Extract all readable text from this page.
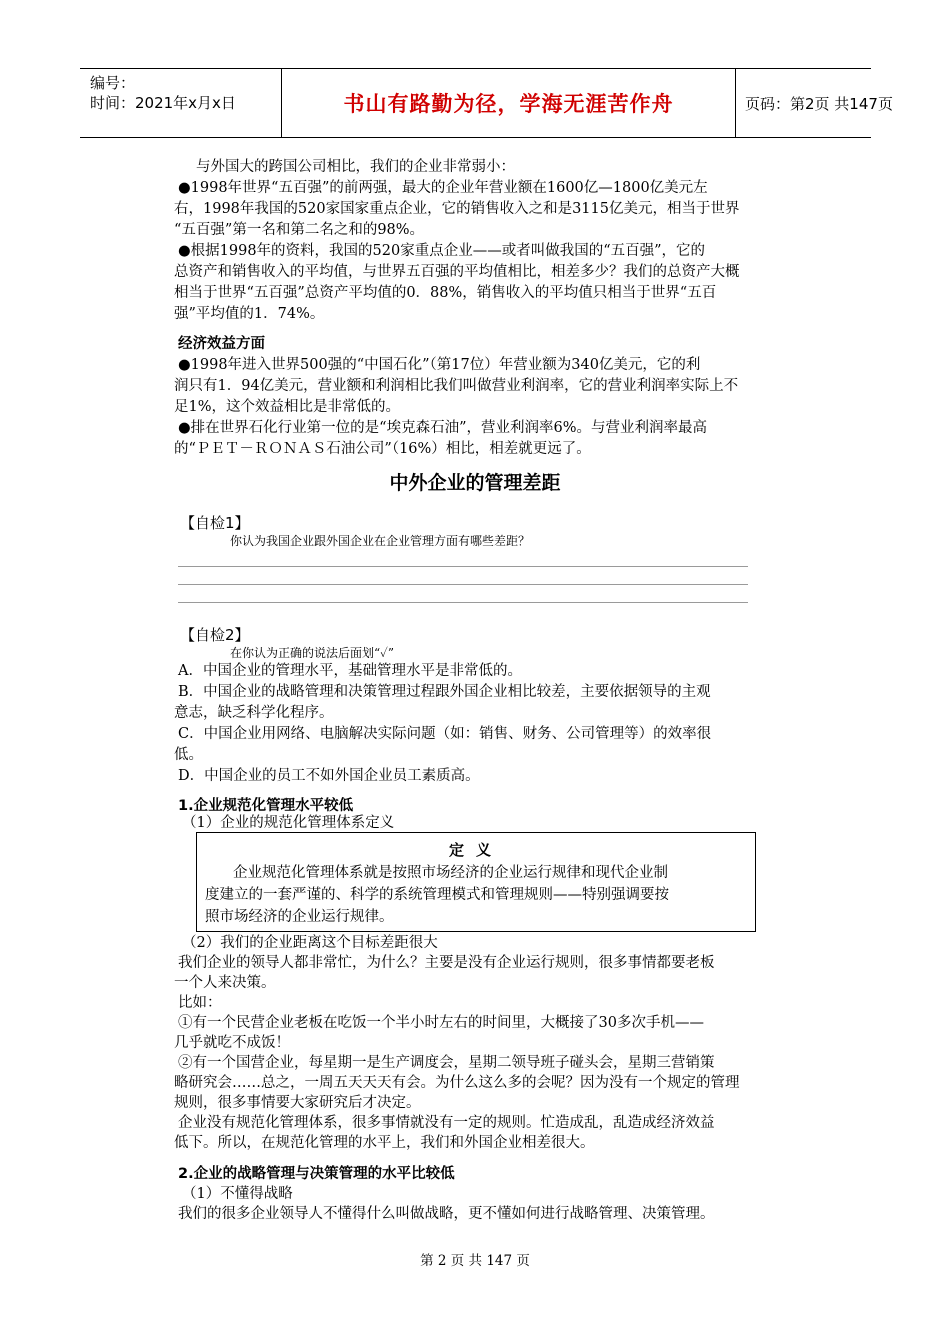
编号：
时间：2021年x月x日	书山有路勤为径，学海无涯苦作舟	页码：第2页 共147页
与外国大的跨国公司相比，我们的企业非常弱小：
●1998年世界“五百强”的前两强，最大的企业年营业额在1600亿—1800亿美元左
右，1998年我国的520家国家重点企业，它的销售收入之和是3115亿美元，相当于世界
“五百强”第一名和第二名之和的98%。
●根据1998年的资料，我国的520家重点企业——或者叫做我国的“五百强”，它的
总资产和销售收入的平均值，与世界五百强的平均值相比，相差多少？我们的总资产大概
相当于世界“五百强”总资产平均值的0．88%，销售收入的平均值只相当于世界“五百
强”平均值的1．74%。
经济效益方面
●1998年进入世界500强的“中国石化”（第17位）年营业额为340亿美元，它的利
润只有1．94亿美元，营业额和利润相比我们叫做营业利润率，它的营业利润率实际上不
足1%，这个效益相比是非常低的。
●排在世界石化行业第一位的是“埃克森石油”，营业利润率6%。与营业利润率最高
的“ＰＥＴ－ＲＯＮＡＳ石油公司”（16%）相比，相差就更远了。
中外企业的管理差距
【自检1】
你认为我国企业跟外国企业在企业管理方面有哪些差距？
【自检2】
在你认为正确的说法后面划“✓”
A．中国企业的管理水平，基础管理水平是非常低的。
B．中国企业的战略管理和决策管理过程跟外国企业相比较差，主要依据领导的主观
意志，缺乏科学化程序。
C．中国企业用网络、电脑解决实际问题（如：销售、财务、公司管理等）的效率很
低。
D．中国企业的员工不如外国企业员工素质高。
1.企业规范化管理水平较低
（1）企业的规范化管理体系定义
定义
企业规范化管理体系就是按照市场经济的企业运行规律和现代企业制
度建立的一套严谨的、科学的系统管理模式和管理规则——特别强调要按
照市场经济的企业运行规律。
（2）我们的企业距离这个目标差距很大
我们企业的领导人都非常忙，为什么？主要是没有企业运行规则，很多事情都要老板
一个人来决策。
比如：
①有一个民营企业老板在吃饭一个半小时左右的时间里，大概接了30多次手机——
几乎就吃不成饭！
②有一个国营企业，每星期一是生产调度会，星期二领导班子碰头会，星期三营销策
略研究会……总之，一周五天天天有会。为什么这么多的会呢？因为没有一个规定的管理
规则，很多事情要大家研究后才决定。
企业没有规范化管理体系，很多事情就没有一定的规则。忙造成乱，乱造成经济效益
低下。所以，在规范化管理的水平上，我们和外国企业相差很大。
2.企业的战略管理与决策管理的水平比较低
（1）不懂得战略
我们的很多企业领导人不懂得什么叫做战略，更不懂如何进行战略管理、决策管理。
第 2 页 共 147 页
